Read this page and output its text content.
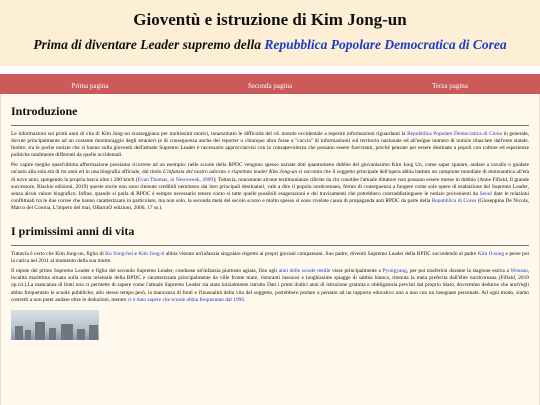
Gioventù e istruzione di Kim Jong-un
Prima di diventare Leader supremo della Repubblica Popolare Democratica di Corea
Prima pagina	Seconda pagina	Terza pagina
Introduzione

Le informazioni sui primi anni di vita di Kim Jong-un scarseggiano per moltissimi motivi, innanzitutto le difficoltà del cd. mondo occidentale a reperire informazioni riguardanti la Repubblica Popolare Democratica di Corea in generale, dovute principalmente ad un costante monitoraggio degli stranieri (e di conseguenza anche dei reporter o chiunque altro fosse a "caccia" di informazioni) sul territorio nazionale ed all'esigue numero di notizie rilasciate dall'ente statale. Inoltre, tra le poche notizie che si hanno sulla gioventù dell'attuale Supremo Leader è necessario approcciarvisi con la consapevolezza che possano essere fuorvianti, perché pensate per essere destinate a popoli con culture ed esperienze politiche totalmente differenti da quelle occidentali.

Per capire meglio quest'ultima affermazione possiamo ricorrere ad un esempio: nelle scuole della RPDC vengono spesso narrate doti quantomeno dubbie del giovanissimo Kim Jong Un, come saper sparare, andare a cavallo o guidare un'auto alla sola età di tre anni ed in una biografia ufficiale, dal titolo L'infanzia del nostro adorato e rispettato leader Kim Jong-un si racconta che il soggetto principale dell'opera abbia battuto un campione mondiale di motonautica all'età di nove anni, spingendo la propria barca oltre i 200 km/h (Evan Thomas, in Newsweek, 2009); Tuttavia, nonostante alcune testimonianze riferite da chi conobbe l'attuale dittatore non possano essere messe in dubbio (Anne Fifield, Il grande successore, Blackie edizioni, 2019) queste storie non sono ritenute credibili nemmeno dai loro principali destinatari, vale a dire il popolo nordcoreano, fermo di conseguenza a fungere come sole opere di esaltazione del Supremo Leader, senza alcun valore biografico. Infine, quando si parla di RPDC è sempre necessario tenere conto si tutte quelle possibili esagerazioni e dei travisamenti che potrebbero contraddistinguere le notizie provenienti da Seoul date le relazioni conflittuali tra le due corree che hanno caratterizzato in particolare, ma non solo, la seconda metà del secolo scorso e molto spesso si sono rivelate causa di propaganda anti RPDC da parte della Repubblica di Corea (Giuseppina De Nicola, Marco del Corona, L'impero del mai, OBarraO edizioni, 2006, 17 ss.).

I primissimi anni di vita

Tuttavia è certo che Kim Jong-un, figlio di Ko Yong-hui e Kim Jong-il abbia vissuto un'infanzia singolare rispetto ai propri giovani compaesani. Suo padre, diventò Supremo Leader della RPDC succedendo al padre Kim Il-sung e perse poi la carica nel 2011 al momento della sua morte.

Il nipote del primo Supremo Leader e figlio del secondo Supremo Leader, condusse un'infanzia piuttosto agiata, fino agli anni delle scuole medie visse principalmente a Pyongyang, per poi trasferirsi durante la stagione estiva a Wonsan, località marittima situata sulla costa orientale della RPDC e caratterizzata principalmente da ville fronte mare, ristoranti lussuosi e lunghissime spiagge di sabbia bianca, ritenuta la meta preferita dall'élite nordcoreana (Fifield, 2019 op.cit.).La mancanza di fonti non ci permette di sapere come l'attuale Supremo Leader sia stato inizialmente istruito Dati i primi dodici anni di istruzione gratuita e obbligatoria previsti dal proprio Stato, dovremmo dedurne che anch'egli abbia frequentato le scuole pubbliche, allo stesso tempo però, la mancanza di fonti e l'inusualità della vita del soggetto, potrebbero portare a pensare ad un rapporto educativo uno a uno con un insegnate personale. Ad ogni modo, siamo costretti a non poter andare oltre le deduzioni, mentre ci è dato sapere che scuole abbia frequentato dal 1996.
